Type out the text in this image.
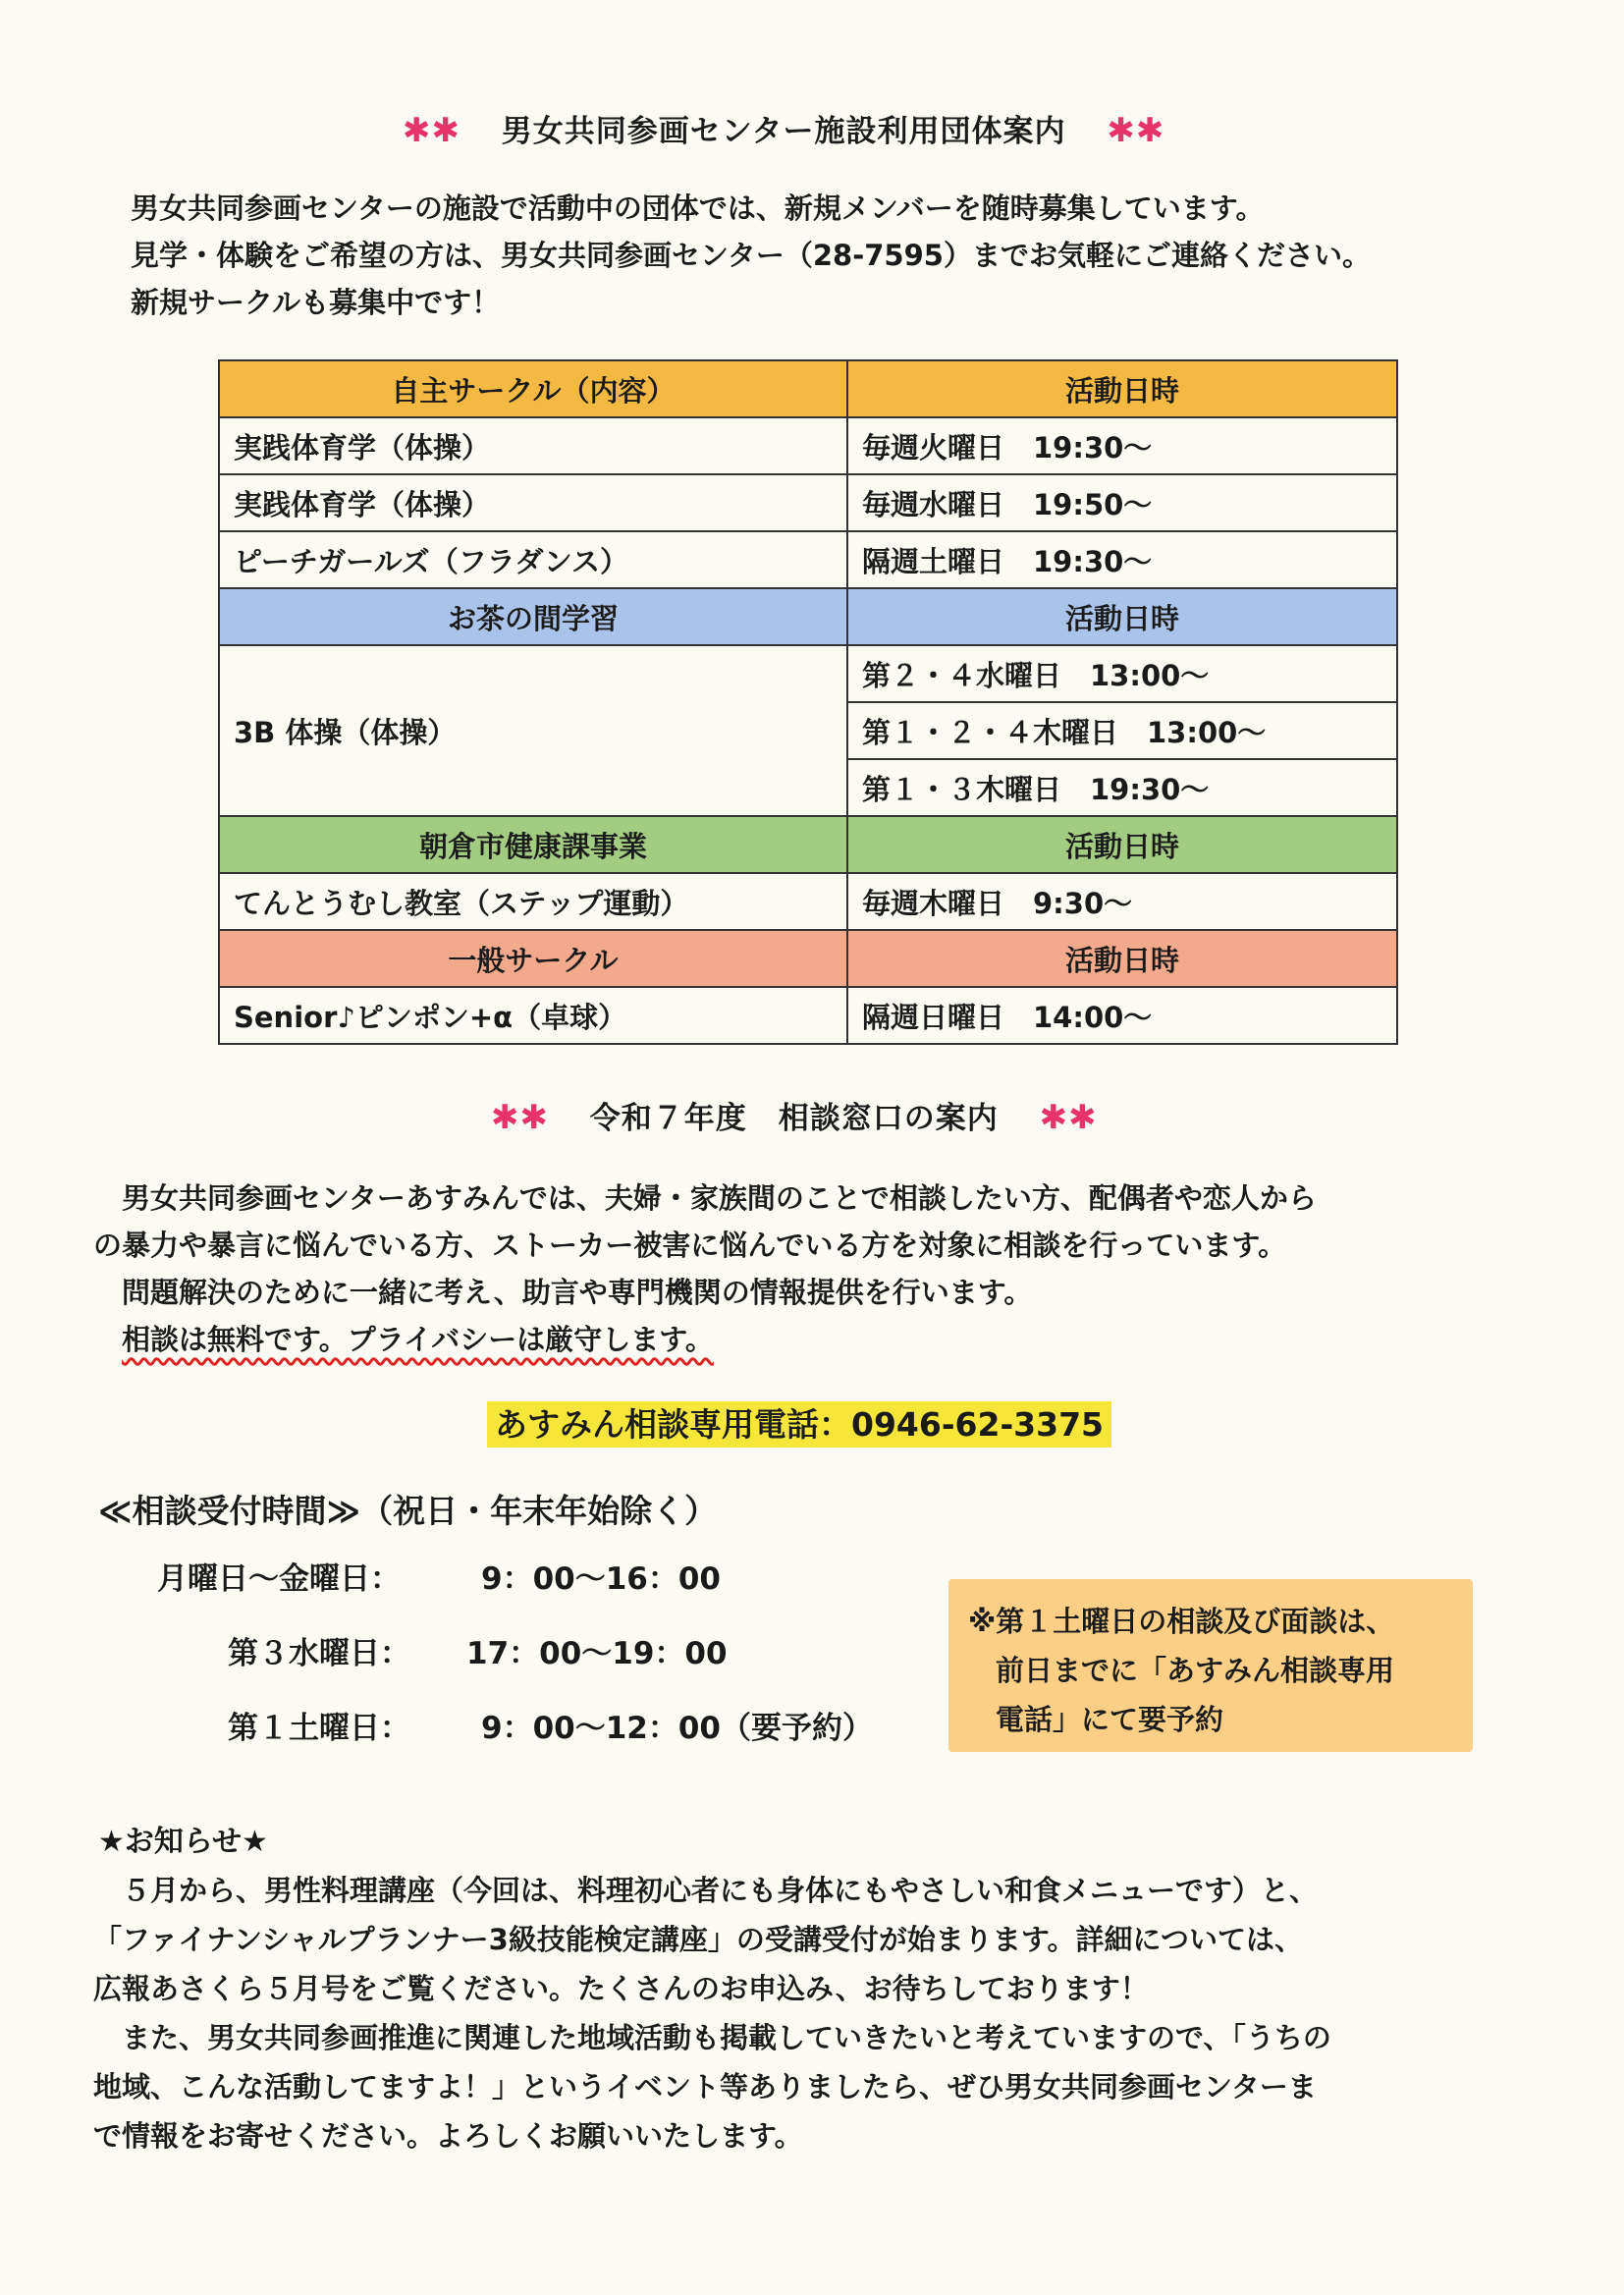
✱✱ 男女共同参画センター施設利用団体案内 ✱✱

男女共同参画センターの施設で活動中の団体では、新規メンバーを随時募集しています。

見学・体験をご希望の方は、男女共同参画センター（28-7595）までお気軽にご連絡ください。

新規サークルも募集中です！

自主サークル（内容）	活動日時
実践体育学（体操）	毎週火曜日　19:30～
実践体育学（体操）	毎週水曜日　19:50～
ピーチガールズ（フラダンス）	隔週土曜日　19:30～
お茶の間学習	活動日時
3B 体操（体操）	第２・４水曜日　13:00～
	第１・２・４木曜日　13:00～
	第１・３木曜日　19:30～
朝倉市健康課事業	活動日時
てんとうむし教室（ステップ運動）	毎週木曜日　9:30～
一般サークル	活動日時
Senior♪ピンポン+α（卓球）	隔週日曜日　14:00～
✱✱ 令和７年度　相談窓口の案内 ✱✱

　男女共同参画センターあすみんでは、夫婦・家族間のことで相談したい方、配偶者や恋人から

の暴力や暴言に悩んでいる方、ストーカー被害に悩んでいる方を対象に相談を行っています。

　問題解決のために一緒に考え、助言や専門機関の情報提供を行います。

　相談は無料です。プライバシーは厳守します。

あすみん相談専用電話：0946-62-3375
≪相談受付時間≫（祝日・年末年始除く）
月曜日～金曜日：	9：00～16：00
第３水曜日： 17：00～19：00
第１土曜日： 9：00～12：00（要予約）

※第１土曜日の相談及び面談は、

前日までに「あすみん相談専用

電話」にて要予約

★お知らせ★

　５月から、男性料理講座（今回は、料理初心者にも身体にもやさしい和食メニューです）と、

「ファイナンシャルプランナー3級技能検定講座」の受講受付が始まります。詳細については、

広報あさくら５月号をご覧ください。たくさんのお申込み、お待ちしております！

　また、男女共同参画推進に関連した地域活動も掲載していきたいと考えていますので、「うちの

地域、こんな活動してますよ！」というイベント等ありましたら、ぜひ男女共同参画センターま

で情報をお寄せください。よろしくお願いいたします。
